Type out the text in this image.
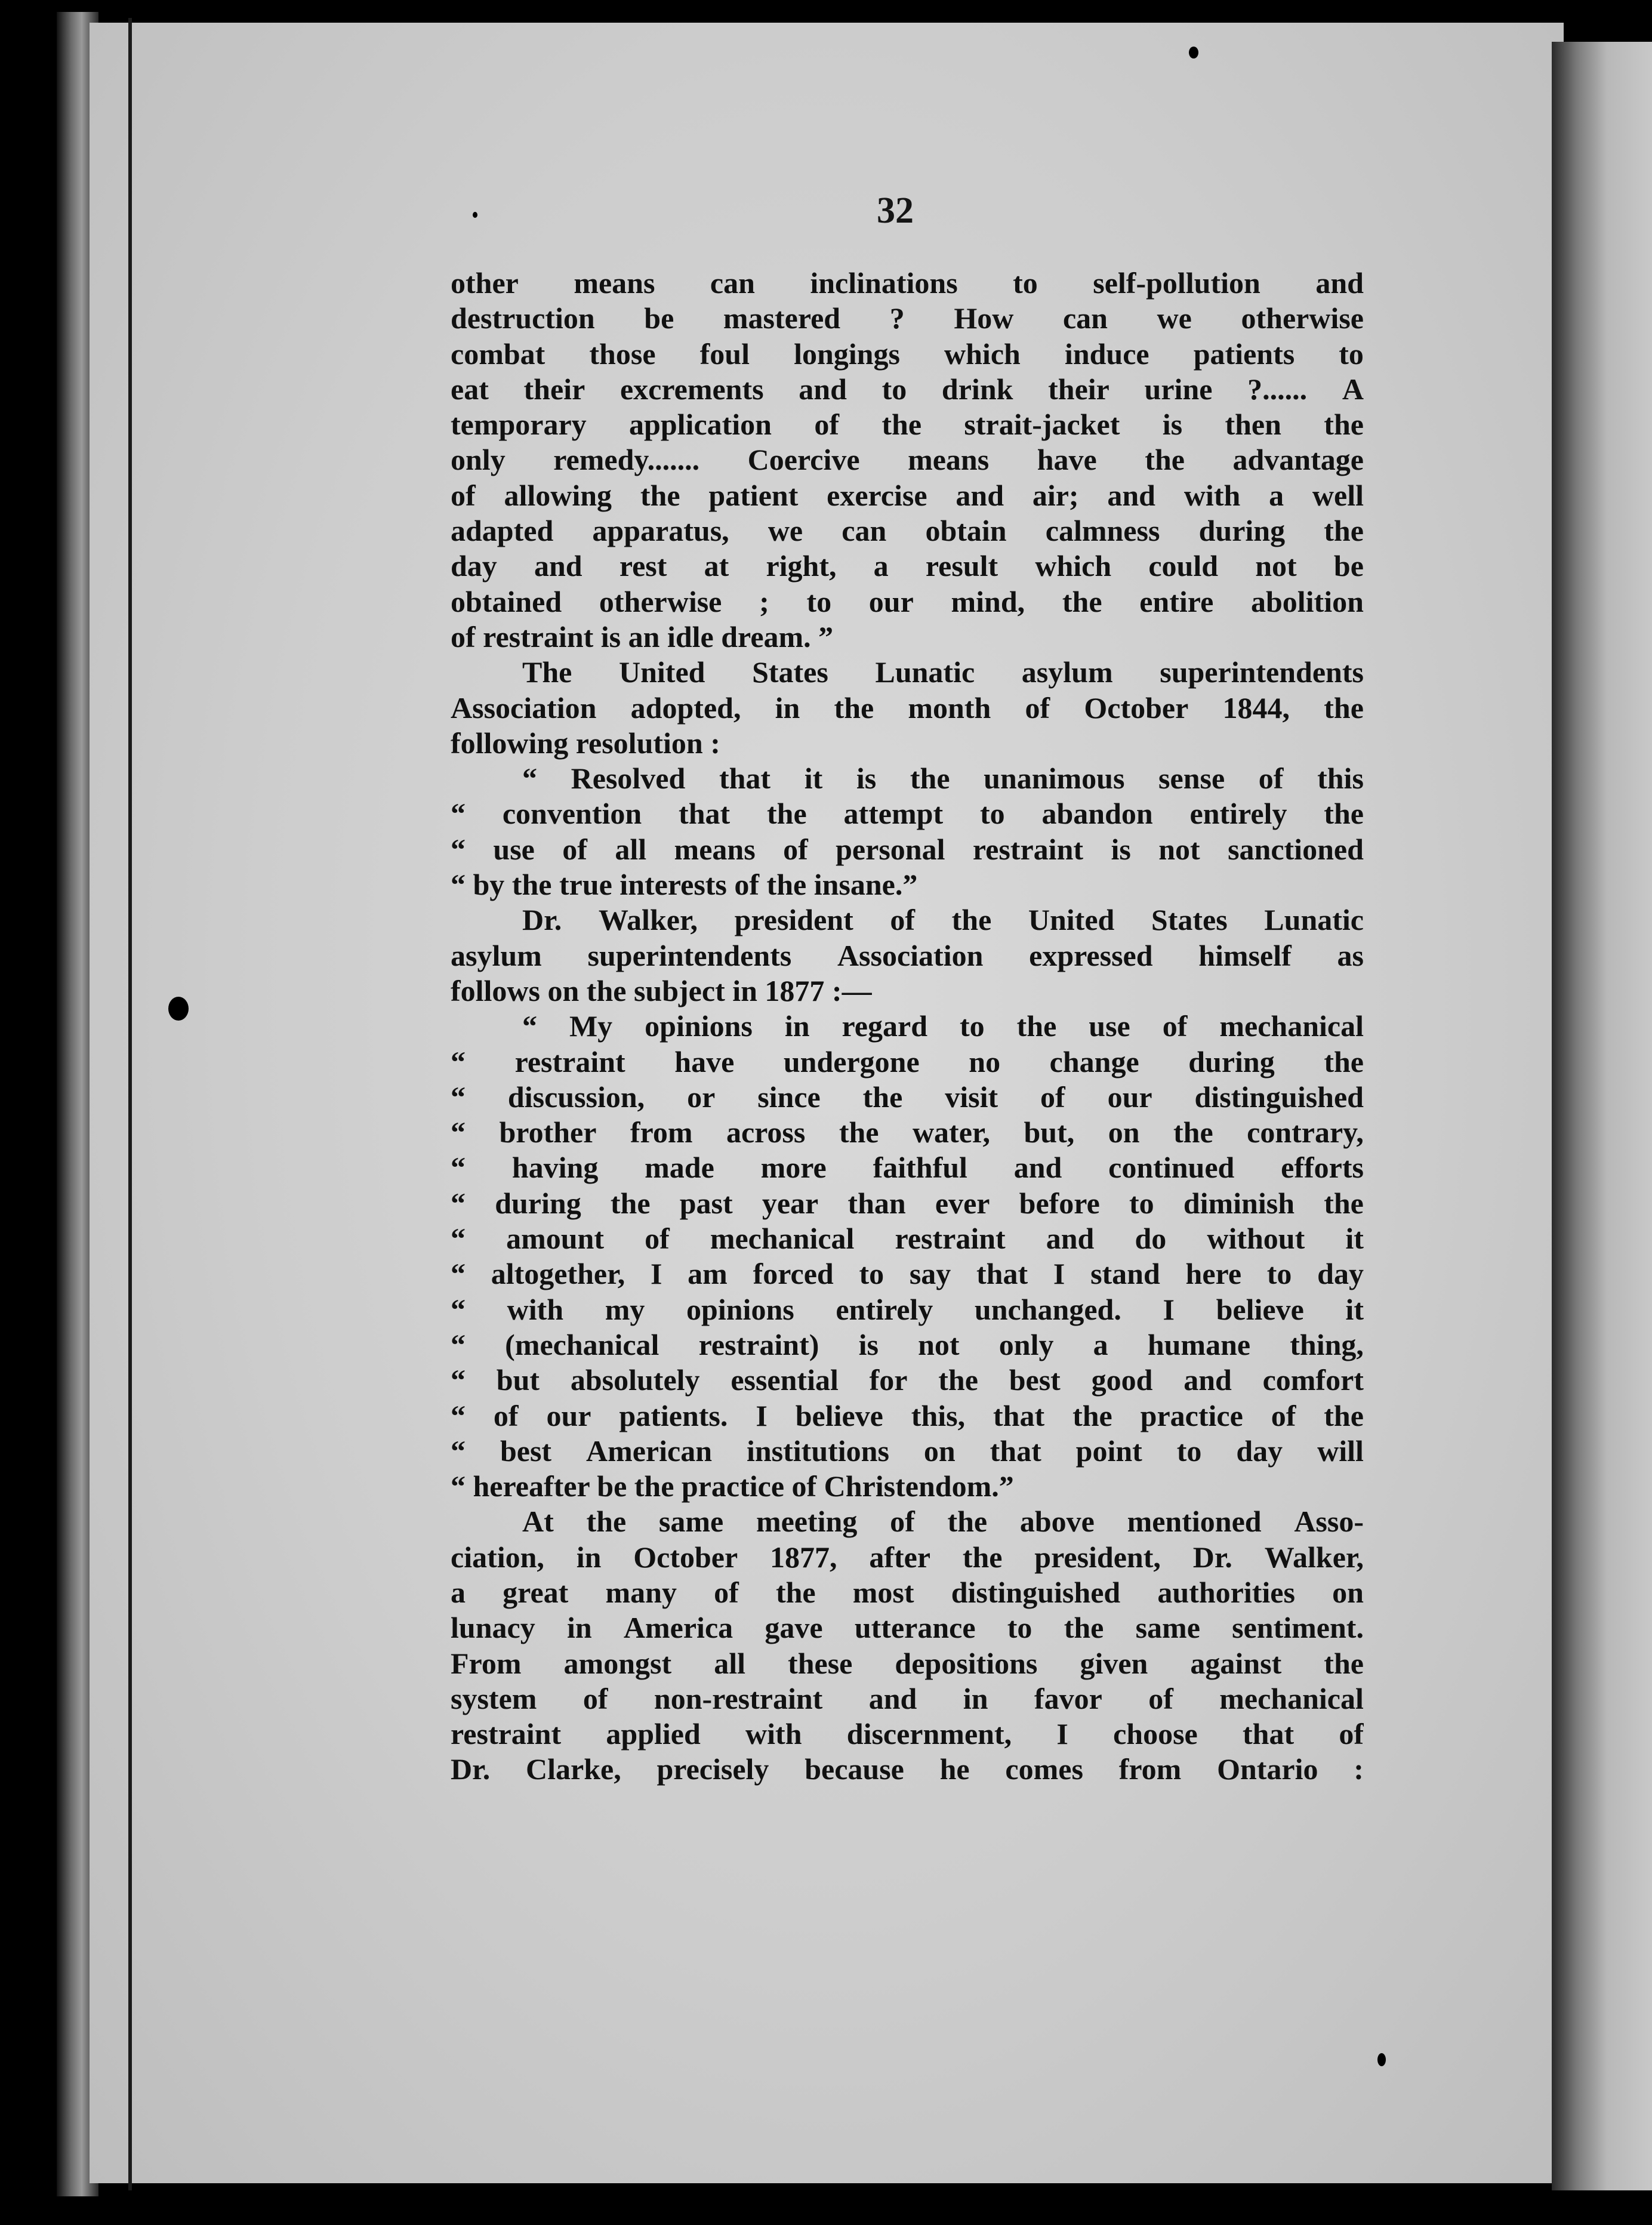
32
other means can inclinations to self-pollution and
destruction be mastered ? How can we otherwise
combat those foul longings which induce patients to
eat their excrements and to drink their urine ?...... A
temporary application of the strait-jacket is then the
only remedy....... Coercive means have the advantage
of allowing the patient exercise and air; and with a well
adapted apparatus, we can obtain calmness during the
day and rest at right, a result which could not be
obtained otherwise ; to our mind, the entire abolition
of restraint is an idle dream. ”
The United States Lunatic asylum superintendents
Association adopted, in the month of October 1844, the
following resolution :
“ Resolved that it is the unanimous sense of this
“ convention that the attempt to abandon entirely the
“ use of all means of personal restraint is not sanctioned
“ by the true interests of the insane.”
Dr. Walker, president of the United States Lunatic
asylum superintendents Association expressed himself as
follows on the subject in 1877 :—
“ My opinions in regard to the use of mechanical
“ restraint have undergone no change during the
“ discussion, or since the visit of our distinguished
“ brother from across the water, but, on the contrary,
“ having made more faithful and continued efforts
“ during the past year than ever before to diminish the
“ amount of mechanical restraint and do without it
“ altogether, I am forced to say that I stand here to day
“ with my opinions entirely unchanged. I believe it
“ (mechanical restraint) is not only a humane thing,
“ but absolutely essential for the best good and comfort
“ of our patients. I believe this, that the practice of the
“ best American institutions on that point to day will
“ hereafter be the practice of Christendom.”
At the same meeting of the above mentioned Asso-
ciation, in October 1877, after the president, Dr. Walker,
a great many of the most distinguished authorities on
lunacy in America gave utterance to the same sentiment.
From amongst all these depositions given against the
system of non-restraint and in favor of mechanical
restraint applied with discernment, I choose that of
Dr. Clarke, precisely because he comes from Ontario :
